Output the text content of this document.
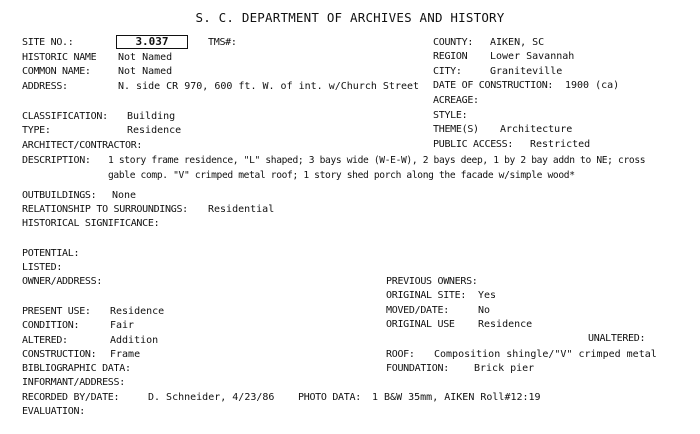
S. C. DEPARTMENT OF ARCHIVES AND HISTORY
SITE NO.:	3.037	TMS#:
HISTORIC NAME Not Named
COMMON NAME:	Not Named
ADDRESS:	N. side CR 970, 600 ft. W. of int. w/Church Street
COUNTY: AIKEN, SC
REGION Lower Savannah
CITY:	Graniteville
DATE OF CONSTRUCTION: 1900 (ca)
ACREAGE:
CLASSIFICATION: Building
TYPE:	Residence
ARCHITECT/CONTRACTOR:
STYLE:
THEME(S) Architecture
PUBLIC ACCESS: Restricted
DESCRIPTION: 1 story frame residence, "L" shaped; 3 bays wide (W-E-W), 2 bays deep, 1 by 2 bay addn to NE; cross
gable comp. "V" crimped metal roof; 1 story shed porch along the facade w/simple wood*
OUTBUILDINGS: None
RELATIONSHIP TO SURROUNDINGS: Residential
HISTORICAL SIGNIFICANCE:
POTENTIAL:
LISTED:
OWNER/ADDRESS:	PREVIOUS OWNERS:
ORIGINAL SITE: Yes
MOVED/DATE:	No
ORIGINAL USE Residence
UNALTERED:
ROOF: Composition shingle/"V" crimped metal
FOUNDATION:	Brick pier
PRESENT USE: Residence
CONDITION:	Fair
ALTERED:	Addition
CONSTRUCTION: Frame
BIBLIOGRAPHIC DATA:
INFORMANT/ADDRESS:
RECORDED BY/DATE:	D. Schneider, 4/23/86 PHOTO DATA: 1 B&W 35mm, AIKEN Roll#12:19
EVALUATION:
